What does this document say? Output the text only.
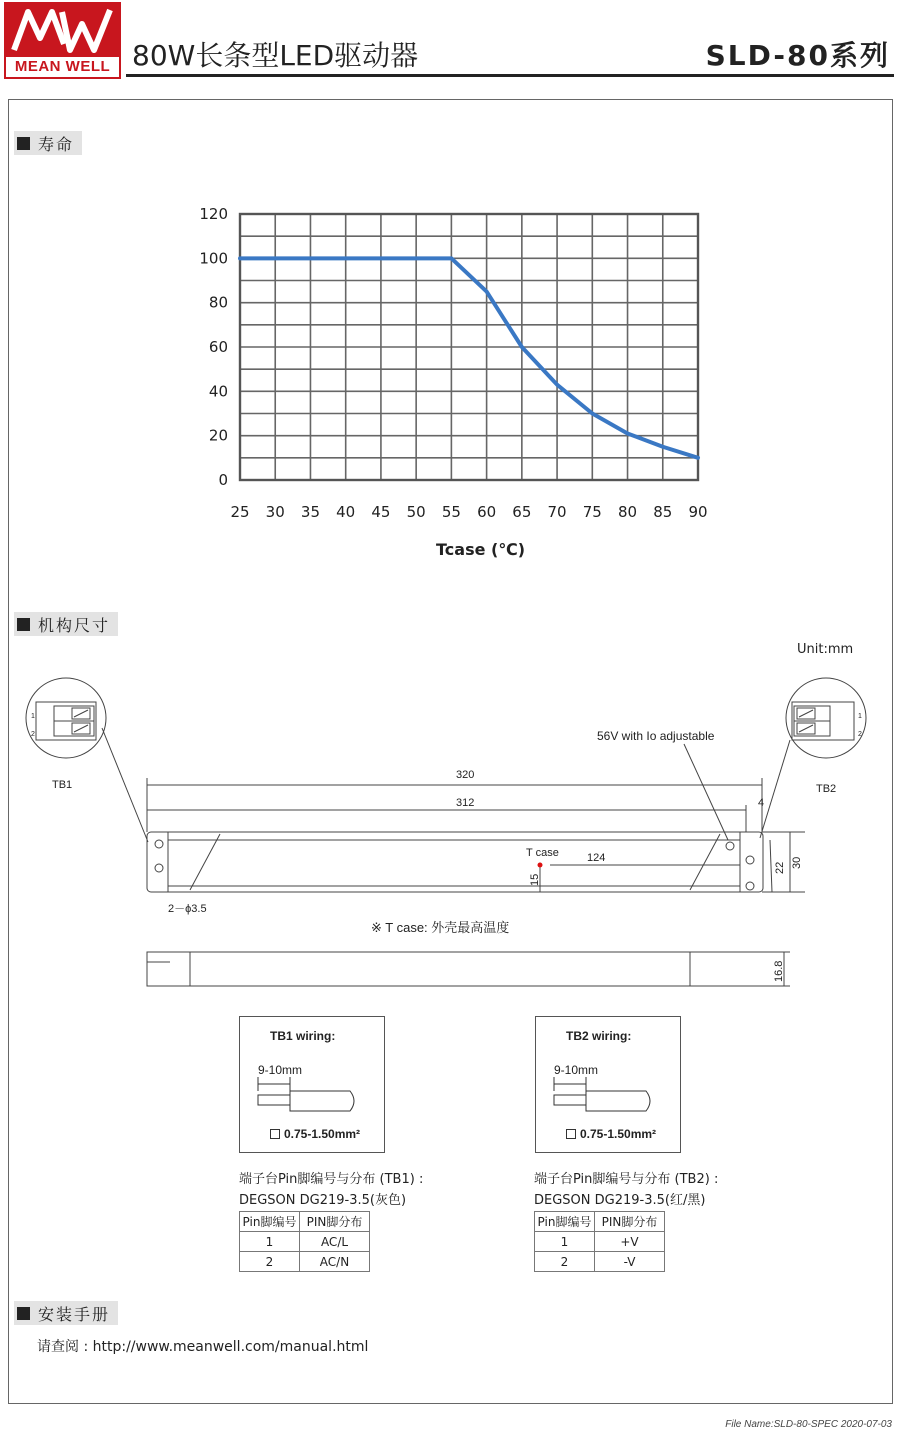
MEAN WELL 80W长条型LED驱动器	SLD-80系列
寿命
0
20
40
60
80
100
120
25 30 35 40 45 50 55 60 65 70 75 80 85 90
Tcase (℃)
机构尺寸
Unit:mm
TB1	TB2
56V with Io adjustable
320
312	4
124
T case
2－ϕ3.5
※ T case: 外壳最高温度
1
2
1
2
15
22 30
16.8
TB1 wiring:
9-10mm
0.75-1.50mm²
TB2 wiring:
9-10mm
0.75-1.50mm²
端子台Pin脚编号与分布 (TB1) :
DEGSON DG219-3.5(灰色)
端子台Pin脚编号与分布 (TB2) :
DEGSON DG219-3.5(红/黑)
Pin脚编号	PIN脚分布
1	AC/L
2	AC/N
Pin脚编号	PIN脚分布
1	+V
2	-V
安装手册
请查阅 : http://www.meanwell.com/manual.html
File Name:SLD-80-SPEC 2020-07-03
